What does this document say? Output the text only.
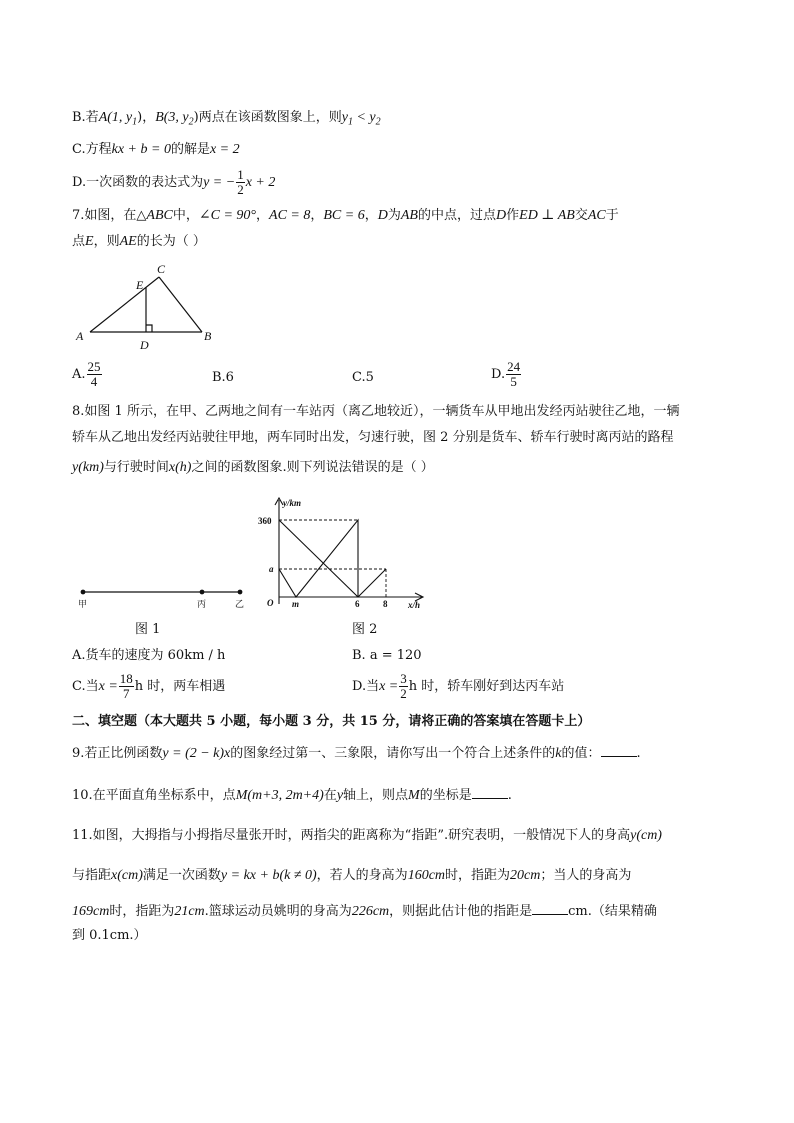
B.若A(1, $y_1$)，B(3, $y_2$)两点在该函数图象上，则$y_1 < y_2$
C.方程kx + b = 0的解是x = 2
D.一次函数的表达式为y = − $\frac{1}{2}$ x + 2
7.如图，在△ABC中，∠C = 90°，AC = 8，BC = 6，D为AB的中点，过点D作ED ⊥ AB交AC于
点E，则AE的长为（ ）
A	B
C
D
E
A. $\frac{25}{4}$	B.6	C.5	D. $\frac{24}{5}$
8.如图 1 所示，在甲、乙两地之间有一车站丙（离乙地较近），一辆货车从甲地出发经丙站驶往乙地，一辆
轿车从乙地出发经丙站驶往甲地，两车同时出发，匀速行驶，图 2 分别是货车、轿车行驶时离丙站的路程
y(km)与行驶时间x(h)之间的函数图象.则下列说法错误的是（ ）
甲	丙	乙
图 1
y/km
360
a
O m	6	8 x/h
图 2
A.货车的速度为 60km / h	B. a = 120
C.当$x = \frac{18}{7}$ h 时，两车相遇	D.当$x = \frac{3}{2}$ h 时，轿车刚好到达丙车站
二、填空题（本大题共 5 小题，每小题 3 分，共 15 分，请将正确的答案填在答题卡上）
9.若正比例函数y = (2 − k)x的图象经过第一、三象限，请你写出一个符合上述条件的k的值：	.
10.在平面直角坐标系中，点M(m+3, 2m+4)在y轴上，则点M的坐标是	.
11.如图，大拇指与小拇指尽量张开时，两指尖的距离称为“指距”.研究表明，一般情况下人的身高y(cm)
与指距x(cm)满足一次函数y = kx + b(k ≠ 0)，若人的身高为160cm时，指距为20cm；当人的身高为
169cm时，指距为21cm.篮球运动员姚明的身高为226cm，则据此估计他的指距是	cm.（结果精确
到 0.1cm.）
